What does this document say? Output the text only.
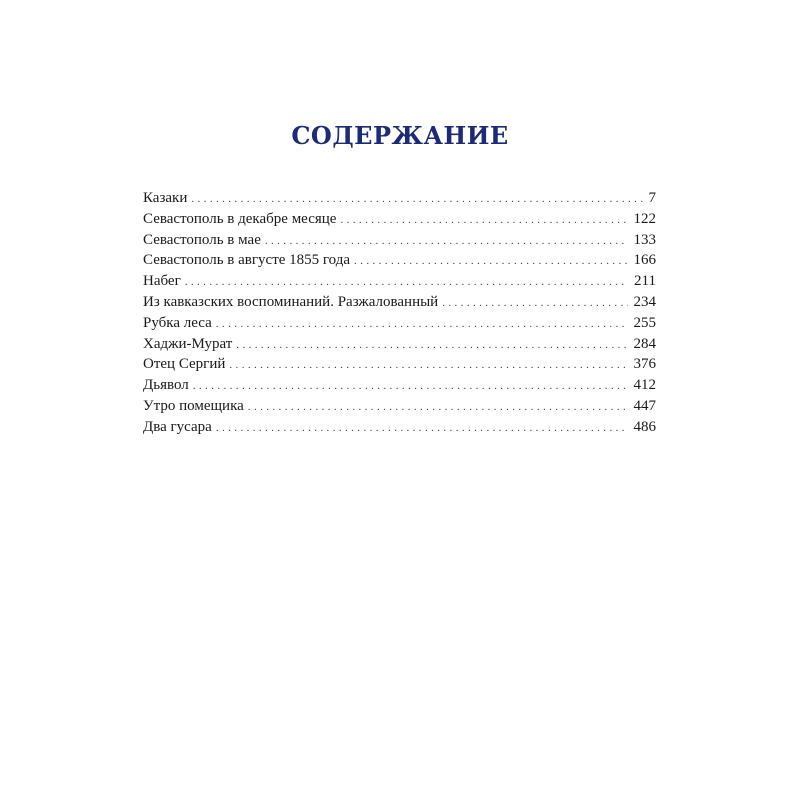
СОДЕРЖАНИЕ
Казаки .....	7
Севастополь в декабре месяце .....	122
Севастополь в мае .....	133
Севастополь в августе 1855 года .....	166
Набег .....	211
Из кавказских воспоминаний. Разжалованный .....	234
Рубка леса .....	255
Хаджи-Мурат .....	284
Отец Сергий .....	376
Дьявол .....	412
Утро помещика .....	447
Два гусара .....	486
